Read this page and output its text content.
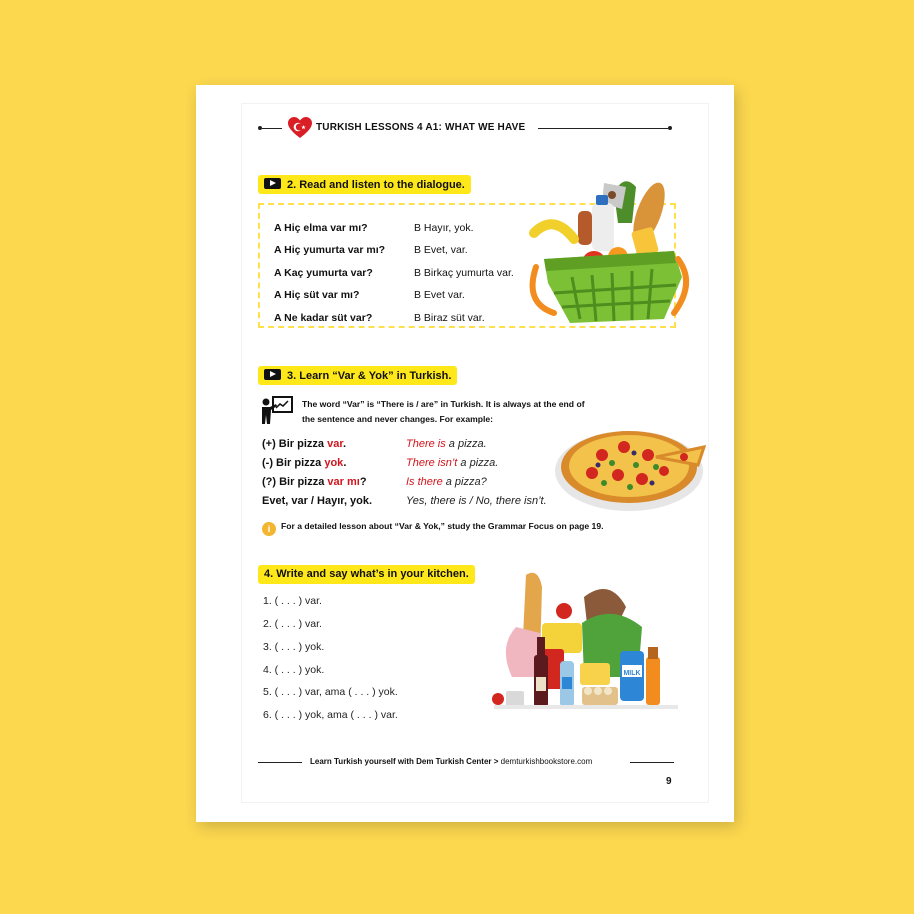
TURKISH LESSONS 4 A1: WHAT WE HAVE
2. Read and listen to the dialogue.
A Hiç elma var mı?	B Hayır, yok.
A Hiç yumurta var mı?	B Evet, var.
A Kaç yumurta var?	B Birkaç yumurta var.
A Hiç süt var mı?	B Evet var.
A Ne kadar süt var?	B Biraz süt var.
3. Learn “Var & Yok” in Turkish.
The word “Var” is “There is / are” in Turkish. It is always at the end of the sentence and never changes. For example:
(+) Bir pizza var.	There is a pizza.
(-) Bir pizza yok.	There isn’t a pizza.
(?) Bir pizza var mı?	Is there a pizza?
Evet, var / Hayır, yok.	Yes, there is / No, there isn’t.
i For a detailed lesson about “Var & Yok,” study the Grammar Focus on page 19.
4. Write and say what’s in your kitchen.
1. ( . . . ) var.
2. ( . . . ) var.
3. ( . . . ) yok.
4. ( . . . ) yok.
5. ( . . . ) var, ama ( . . . ) yok.
6. ( . . . ) yok, ama ( . . . ) var.
MILK
Learn Turkish yourself with Dem Turkish Center > demturkishbookstore.com
9
